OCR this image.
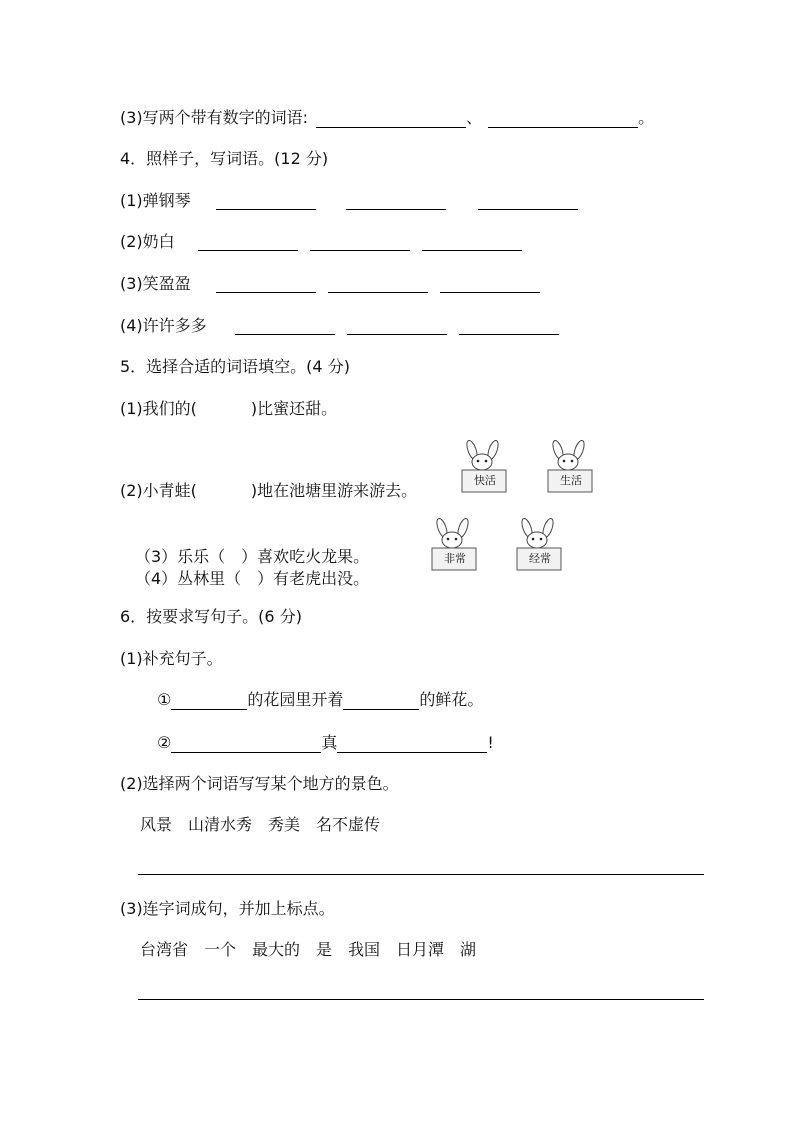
(3)写两个带有数字的词语:	、	。
4．照样子，写词语。(12 分)
(1)弹钢琴
(2)奶白
(3)笑盈盈
(4)许许多多
5．选择合适的词语填空。(4 分)
(1)我们的(	)比蜜还甜。
(2)小青蛙(	)地在池塘里游来游去。
（3）乐乐（　）喜欢吃火龙果。
（4）丛林里（　）有老虎出没。
快活	生活
非常	经常
6．按要求写句子。(6 分)
(1)补充句子。
①	的花园里开着	的鲜花。
②	真	!
(2)选择两个词语写写某个地方的景色。
风景　山清水秀　秀美　名不虚传
(3)连字词成句，并加上标点。
台湾省　一个　最大的　是　我国　日月潭　湖
